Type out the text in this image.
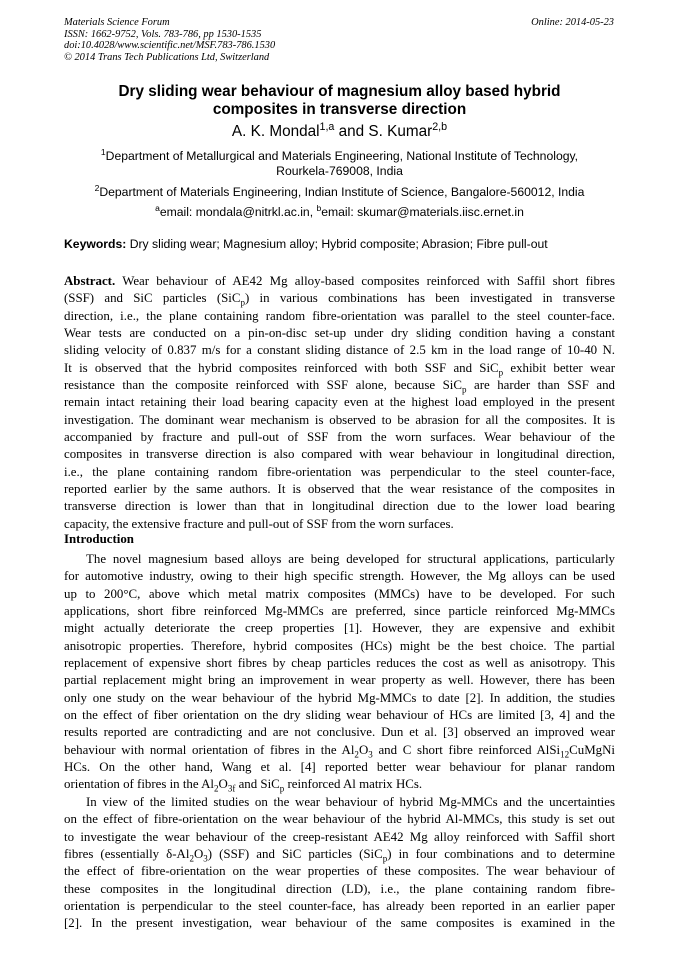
Materials Science Forum
ISSN: 1662-9752, Vols. 783-786, pp 1530-1535
doi:10.4028/www.scientific.net/MSF.783-786.1530
© 2014 Trans Tech Publications Ltd, Switzerland
Online: 2014-05-23
Dry sliding wear behaviour of magnesium alloy based hybrid
composites in transverse direction
A. K. Mondal$^{1,a}$ and S. Kumar$^{2,b}$
$^1$Department of Metallurgical and Materials Engineering, National Institute of Technology,
Rourkela-769008, India
$^2$Department of Materials Engineering, Indian Institute of Science, Bangalore-560012, India
$^a$email: mondala@nitrkl.ac.in, $^b$email: skumar@materials.iisc.ernet.in
Keywords: Dry sliding wear; Magnesium alloy; Hybrid composite; Abrasion; Fibre pull-out
Abstract. Wear behaviour of AE42 Mg alloy-based composites reinforced with Saffil short fibres
(SSF) and SiC particles (SiC$_p$) in various combinations has been investigated in transverse
direction, i.e., the plane containing random fibre-orientation was parallel to the steel counter-face.
Wear tests are conducted on a pin-on-disc set-up under dry sliding condition having a constant
sliding velocity of 0.837 m/s for a constant sliding distance of 2.5 km in the load range of 10-40 N.
It is observed that the hybrid composites reinforced with both SSF and SiC$_p$ exhibit better wear
resistance than the composite reinforced with SSF alone, because SiC$_p$ are harder than SSF and
remain intact retaining their load bearing capacity even at the highest load employed in the present
investigation. The dominant wear mechanism is observed to be abrasion for all the composites. It is
accompanied by fracture and pull-out of SSF from the worn surfaces. Wear behaviour of the
composites in transverse direction is also compared with wear behaviour in longitudinal direction,
i.e., the plane containing random fibre-orientation was perpendicular to the steel counter-face,
reported earlier by the same authors. It is observed that the wear resistance of the composites in
transverse direction is lower than that in longitudinal direction due to the lower load bearing
capacity, the extensive fracture and pull-out of SSF from the worn surfaces.
Introduction
The novel magnesium based alloys are being developed for structural applications, particularly
for automotive industry, owing to their high specific strength. However, the Mg alloys can be used
up to 200°C, above which metal matrix composites (MMCs) have to be developed. For such
applications, short fibre reinforced Mg-MMCs are preferred, since particle reinforced Mg-MMCs
might actually deteriorate the creep properties [1]. However, they are expensive and exhibit
anisotropic properties. Therefore, hybrid composites (HCs) might be the best choice. The partial
replacement of expensive short fibres by cheap particles reduces the cost as well as anisotropy. This
partial replacement might bring an improvement in wear property as well. However, there has been
only one study on the wear behaviour of the hybrid Mg-MMCs to date [2]. In addition, the studies
on the effect of fiber orientation on the dry sliding wear behaviour of HCs are limited [3, 4] and the
results reported are contradicting and are not conclusive. Dun et al. [3] observed an improved wear
behaviour with normal orientation of fibres in the $Al_2O_3$ and C short fibre reinforced AlSi$_{12}$CuMgNi
HCs. On the other hand, Wang et al. [4] reported better wear behaviour for planar random
orientation of fibres in the $Al_2O_{3f}$ and SiC$_p$ reinforced Al matrix HCs.
In view of the limited studies on the wear behaviour of hybrid Mg-MMCs and the uncertainties
on the effect of fibre-orientation on the wear behaviour of the hybrid Al-MMCs, this study is set out
to investigate the wear behaviour of the creep-resistant AE42 Mg alloy reinforced with Saffil short
fibres (essentially $\delta-Al_2O_3$) (SSF) and SiC particles (SiC$_p$) in four combinations and to determine
the effect of fibre-orientation on the wear properties of these composites. The wear behaviour of
these composites in the longitudinal direction (LD), i.e., the plane containing random fibre-
orientation is perpendicular to the steel counter-face, has already been reported in an earlier paper
[2]. In the present investigation, wear behaviour of the same composites is examined in the
